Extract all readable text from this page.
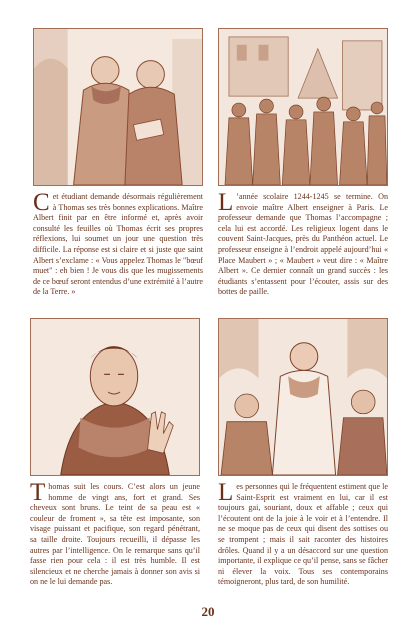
Cet étudiant demande désormais régulièrement à Thomas ses très bonnes explications. Maître Albert finit par en être informé et, après avoir consulté les feuilles où Thomas écrit ses propres réflexions, lui soumet un jour une question très difficile. La réponse est si claire et si juste que saint Albert s’exclame : « Vous appelez Thomas le "bœuf muet" : eh bien ! Je vous dis que les mugissements de ce bœuf seront entendus d’une extrémité à l’autre de la Terre. »
L ’année scolaire 1244-1245 se termine. On envoie maître Albert enseigner à Paris. Le professeur demande que Thomas l’accompagne ; cela lui est accordé. Les religieux logent dans le couvent Saint-Jacques, près du Panthéon actuel. Le professeur enseigne à l’endroit appelé aujourd’hui « Place Maubert » ; « Maubert » veut dire : « Maître Albert ». Ce dernier connaît un grand succès : les étudiants s’entassent pour l’écouter, assis sur des bottes de paille.
Thomas suit les cours. C’est alors un jeune homme de vingt ans, fort et grand. Ses cheveux sont bruns. Le teint de sa peau est « couleur de froment », sa tête est imposante, son visage puissant et pacifique, son regard pénétrant, sa taille droite. Toujours recueilli, il dépasse les autres par l’intelligence. On le remarque sans qu’il fasse rien pour cela : il est très humble. Il est silencieux et ne cherche jamais à donner son avis si on ne le lui demande pas.
Les personnes qui le fréquentent estiment que le Saint-Esprit est vraiment en lui, car il est toujours gai, souriant, doux et affable ; ceux qui l’écoutent ont de la joie à le voir et à l’entendre. Il ne se moque pas de ceux qui disent des sottises ou se trompent ; mais il sait raconter des histoires drôles. Quand il y a un désaccord sur une question importante, il explique ce qu’il pense, sans se fâcher ni élever la voix. Tous ses contemporains témoigneront, plus tard, de son humilité.
20
